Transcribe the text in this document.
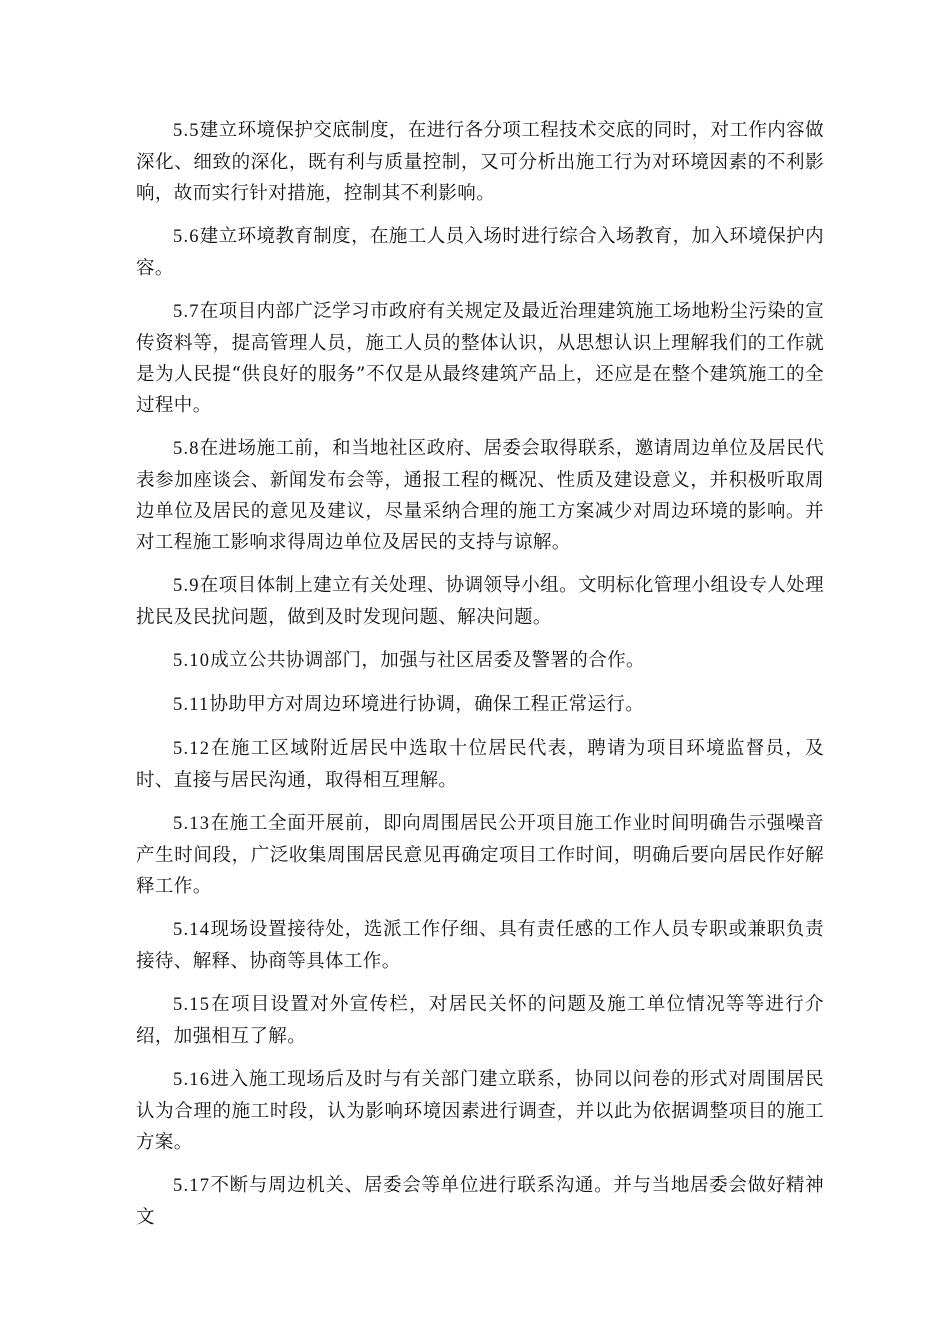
5.5建立环境保护交底制度，在进行各分项工程技术交底的同时，对工作内容做深化、细致的深化，既有利与质量控制，又可分析出施工行为对环境因素的不利影响，故而实行针对措施，控制其不利影响。

5.6建立环境教育制度，在施工人员入场时进行综合入场教育，加入环境保护内容。

5.7在项目内部广泛学习市政府有关规定及最近治理建筑施工场地粉尘污染的宣传资料等，提高管理人员，施工人员的整体认识，从思想认识上理解我们的工作就是为人民提“供良好的服务”不仅是从最终建筑产品上，还应是在整个建筑施工的全过程中。

5.8在进场施工前，和当地社区政府、居委会取得联系，邀请周边单位及居民代表参加座谈会、新闻发布会等，通报工程的概况、性质及建设意义，并积极听取周边单位及居民的意见及建议，尽量采纳合理的施工方案减少对周边环境的影响。并对工程施工影响求得周边单位及居民的支持与谅解。

5.9在项目体制上建立有关处理、协调领导小组。文明标化管理小组设专人处理扰民及民扰问题，做到及时发现问题、解决问题。

5.10成立公共协调部门，加强与社区居委及警署的合作。

5.11协助甲方对周边环境进行协调，确保工程正常运行。

5.12在施工区域附近居民中选取十位居民代表，聘请为项目环境监督员，及时、直接与居民沟通，取得相互理解。

5.13在施工全面开展前，即向周围居民公开项目施工作业时间明确告示强噪音产生时间段，广泛收集周围居民意见再确定项目工作时间，明确后要向居民作好解释工作。

5.14现场设置接待处，选派工作仔细、具有责任感的工作人员专职或兼职负责接待、解释、协商等具体工作。

5.15在项目设置对外宣传栏，对居民关怀的问题及施工单位情况等等进行介绍，加强相互了解。

5.16进入施工现场后及时与有关部门建立联系，协同以问卷的形式对周围居民认为合理的施工时段，认为影响环境因素进行调查，并以此为依据调整项目的施工方案。

5.17不断与周边机关、居委会等单位进行联系沟通。并与当地居委会做好精神文
